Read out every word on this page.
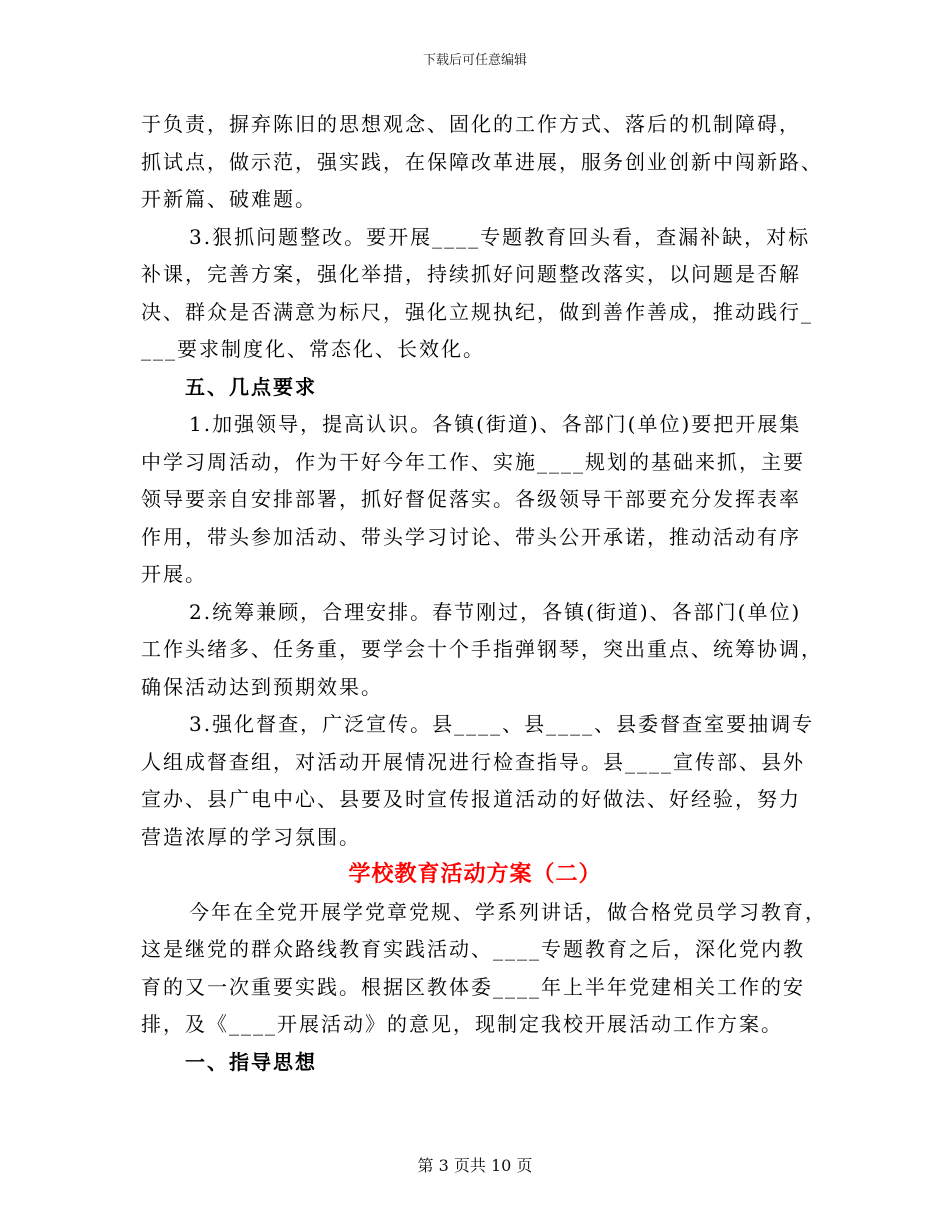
下载后可任意编辑

于负责，摒弃陈旧的思想观念、固化的工作方式、落后的机制障碍，
抓试点，做示范，强实践，在保障改革进展，服务创业创新中闯新路、
开新篇、破难题。

3.狠抓问题整改。要开展____专题教育回头看，查漏补缺，对标
补课，完善方案，强化举措，持续抓好问题整改落实，以问题是否解
决、群众是否满意为标尺，强化立规执纪，做到善作善成，推动践行_
___要求制度化、常态化、长效化。

五、几点要求

1.加强领导，提高认识。各镇(街道)、各部门(单位)要把开展集
中学习周活动，作为干好今年工作、实施____规划的基础来抓，主要
领导要亲自安排部署，抓好督促落实。各级领导干部要充分发挥表率
作用，带头参加活动、带头学习讨论、带头公开承诺，推动活动有序
开展。

2.统筹兼顾，合理安排。春节刚过，各镇(街道)、各部门(单位)
工作头绪多、任务重，要学会十个手指弹钢琴，突出重点、统筹协调，
确保活动达到预期效果。

3.强化督查，广泛宣传。县____、县____、县委督查室要抽调专
人组成督查组，对活动开展情况进行检查指导。县____宣传部、县外
宣办、县广电中心、县要及时宣传报道活动的好做法、好经验，努力
营造浓厚的学习氛围。

学校教育活动方案（二）

今年在全党开展学党章党规、学系列讲话，做合格党员学习教育，
这是继党的群众路线教育实践活动、____专题教育之后，深化党内教
育的又一次重要实践。根据区教体委____年上半年党建相关工作的安
排，及《____开展活动》的意见，现制定我校开展活动工作方案。

一、指导思想
第 3 页共 10 页
